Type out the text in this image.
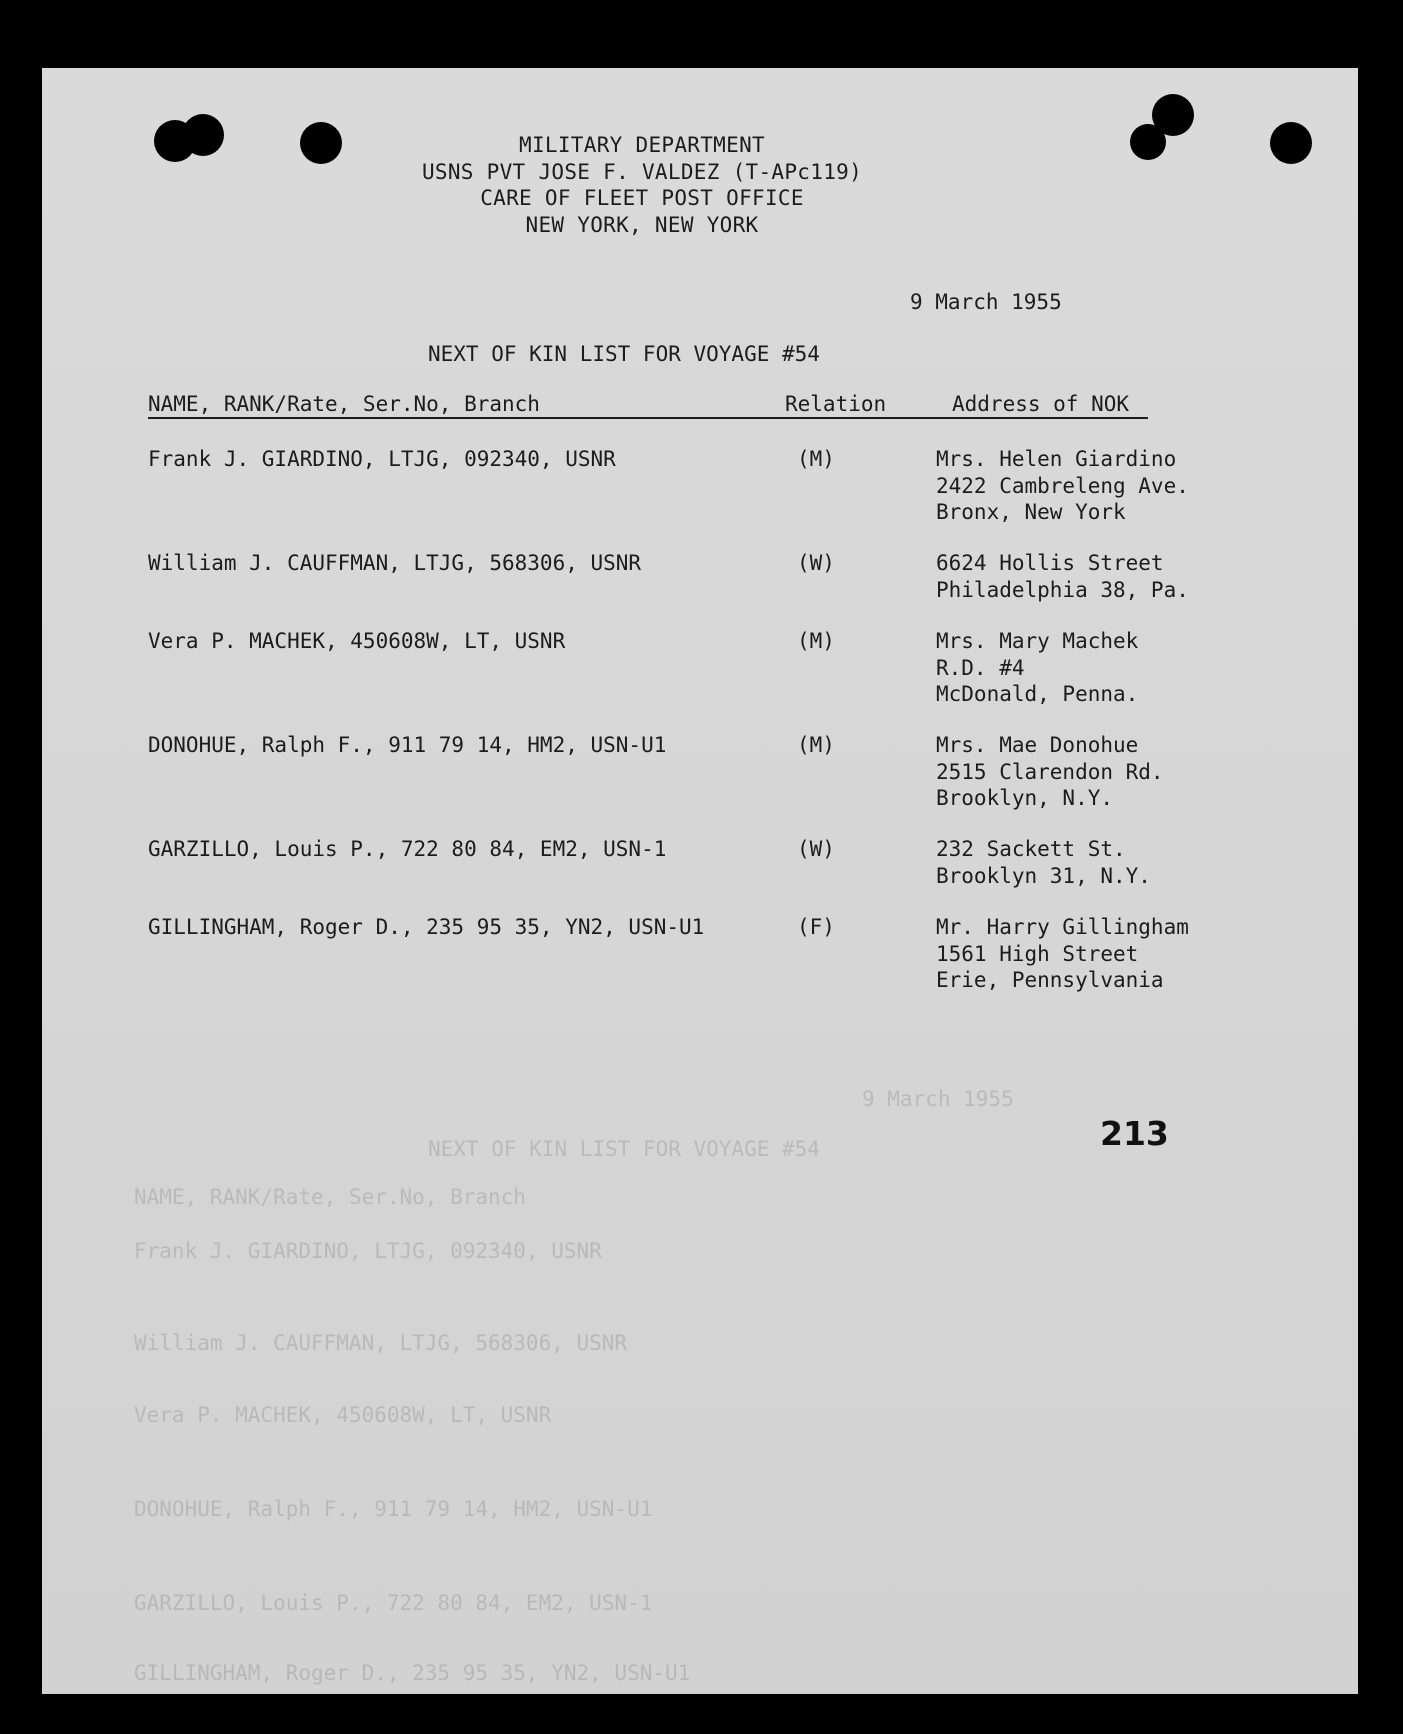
MILITARY DEPARTMENT
USNS PVT JOSE F. VALDEZ (T-APc119)
CARE OF FLEET POST OFFICE
NEW YORK, NEW YORK
9 March 1955
NEXT OF KIN LIST FOR VOYAGE #54
NAME, RANK/Rate, Ser.No, Branch	Relation	Address of NOK
Frank J. GIARDINO, LTJG, 092340, USNR	(M)	Mrs. Helen Giardino
2422 Cambreleng Ave.
Bronx, New York
William J. CAUFFMAN, LTJG, 568306, USNR	(W)	6624 Hollis Street
Philadelphia 38, Pa.
Vera P. MACHEK, 450608W, LT, USNR	(M)	Mrs. Mary Machek
R.D. #4
McDonald, Penna.
DONOHUE, Ralph F., 911 79 14, HM2, USN-U1	(M)	Mrs. Mae Donohue
2515 Clarendon Rd.
Brooklyn, N.Y.
GARZILLO, Louis P., 722 80 84, EM2, USN-1	(W)	232 Sackett St.
Brooklyn 31, N.Y.
GILLINGHAM, Roger D., 235 95 35, YN2, USN-U1	(F)	Mr. Harry Gillingham
1561 High Street
Erie, Pennsylvania
9 March 1955
NEXT OF KIN LIST FOR VOYAGE #54
NAME, RANK/Rate, Ser.No, Branch
Frank J. GIARDINO, LTJG, 092340, USNR
William J. CAUFFMAN, LTJG, 568306, USNR
Vera P. MACHEK, 450608W, LT, USNR
DONOHUE, Ralph F., 911 79 14, HM2, USN-U1
GARZILLO, Louis P., 722 80 84, EM2, USN-1
GILLINGHAM, Roger D., 235 95 35, YN2, USN-U1
213
